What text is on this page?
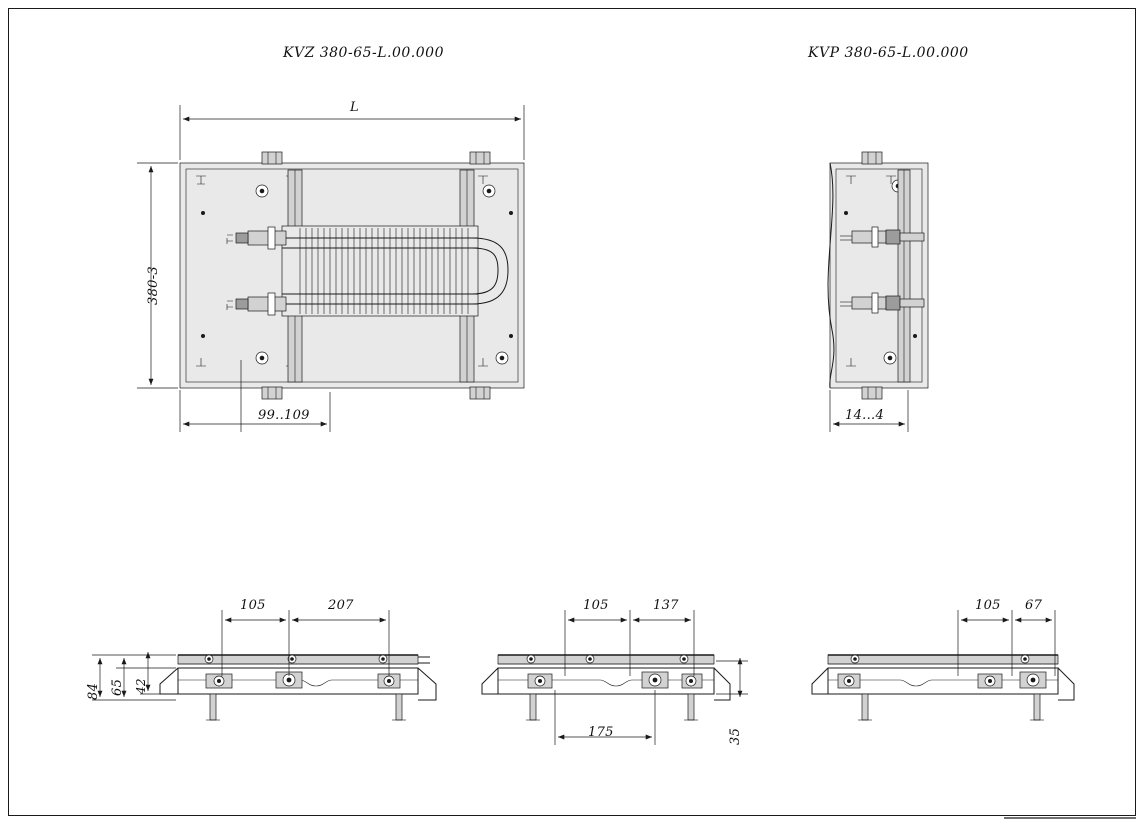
KVZ 380-65-L.00.000	KVP 380-65-L.00.000
L
380-3
99..109	14...4
105	207
84 65 42
105	137
175	35
105 67
